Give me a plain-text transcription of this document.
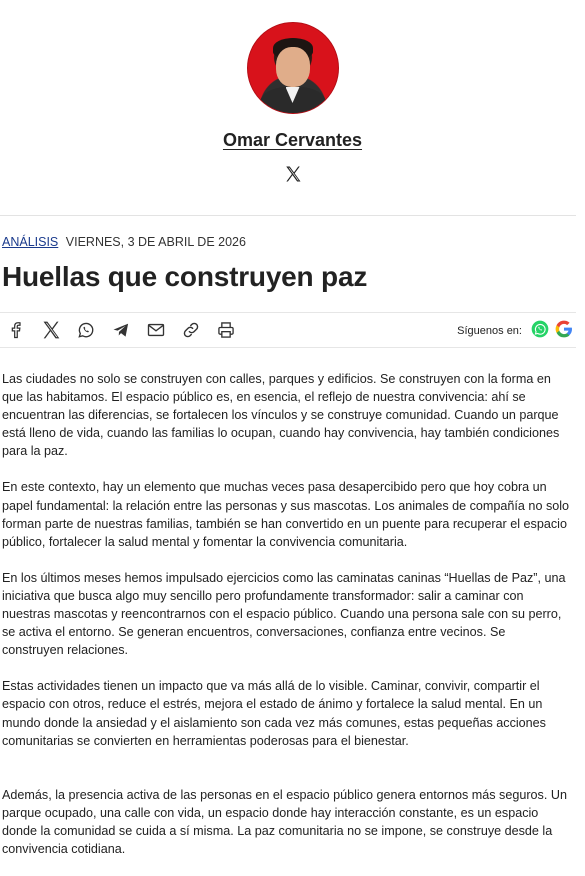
Omar Cervantes
ANÁLISIS VIERNES, 3 DE ABRIL DE 2026
Huellas que construyen paz
Síguenos en:

Las ciudades no solo se construyen con calles, parques y edificios. Se construyen con la forma en que las habitamos. El espacio público es, en esencia, el reflejo de nuestra convivencia: ahí se encuentran las diferencias, se fortalecen los vínculos y se construye comunidad. Cuando un parque está lleno de vida, cuando las familias lo ocupan, cuando hay convivencia, hay también condiciones para la paz.

En este contexto, hay un elemento que muchas veces pasa desapercibido pero que hoy cobra un papel fundamental: la relación entre las personas y sus mascotas. Los animales de compañía no solo forman parte de nuestras familias, también se han convertido en un puente para recuperar el espacio público, fortalecer la salud mental y fomentar la convivencia comunitaria.

En los últimos meses hemos impulsado ejercicios como las caminatas caninas “Huellas de Paz”, una iniciativa que busca algo muy sencillo pero profundamente transformador: salir a caminar con nuestras mascotas y reencontrarnos con el espacio público. Cuando una persona sale con su perro, se activa el entorno. Se generan encuentros, conversaciones, confianza entre vecinos. Se construyen relaciones.

Estas actividades tienen un impacto que va más allá de lo visible. Caminar, convivir, compartir el espacio con otros, reduce el estrés, mejora el estado de ánimo y fortalece la salud mental. En un mundo donde la ansiedad y el aislamiento son cada vez más comunes, estas pequeñas acciones comunitarias se convierten en herramientas poderosas para el bienestar.

Además, la presencia activa de las personas en el espacio público genera entornos más seguros. Un parque ocupado, una calle con vida, un espacio donde hay interacción constante, es un espacio donde la comunidad se cuida a sí misma. La paz comunitaria no se impone, se construye desde la convivencia cotidiana.
